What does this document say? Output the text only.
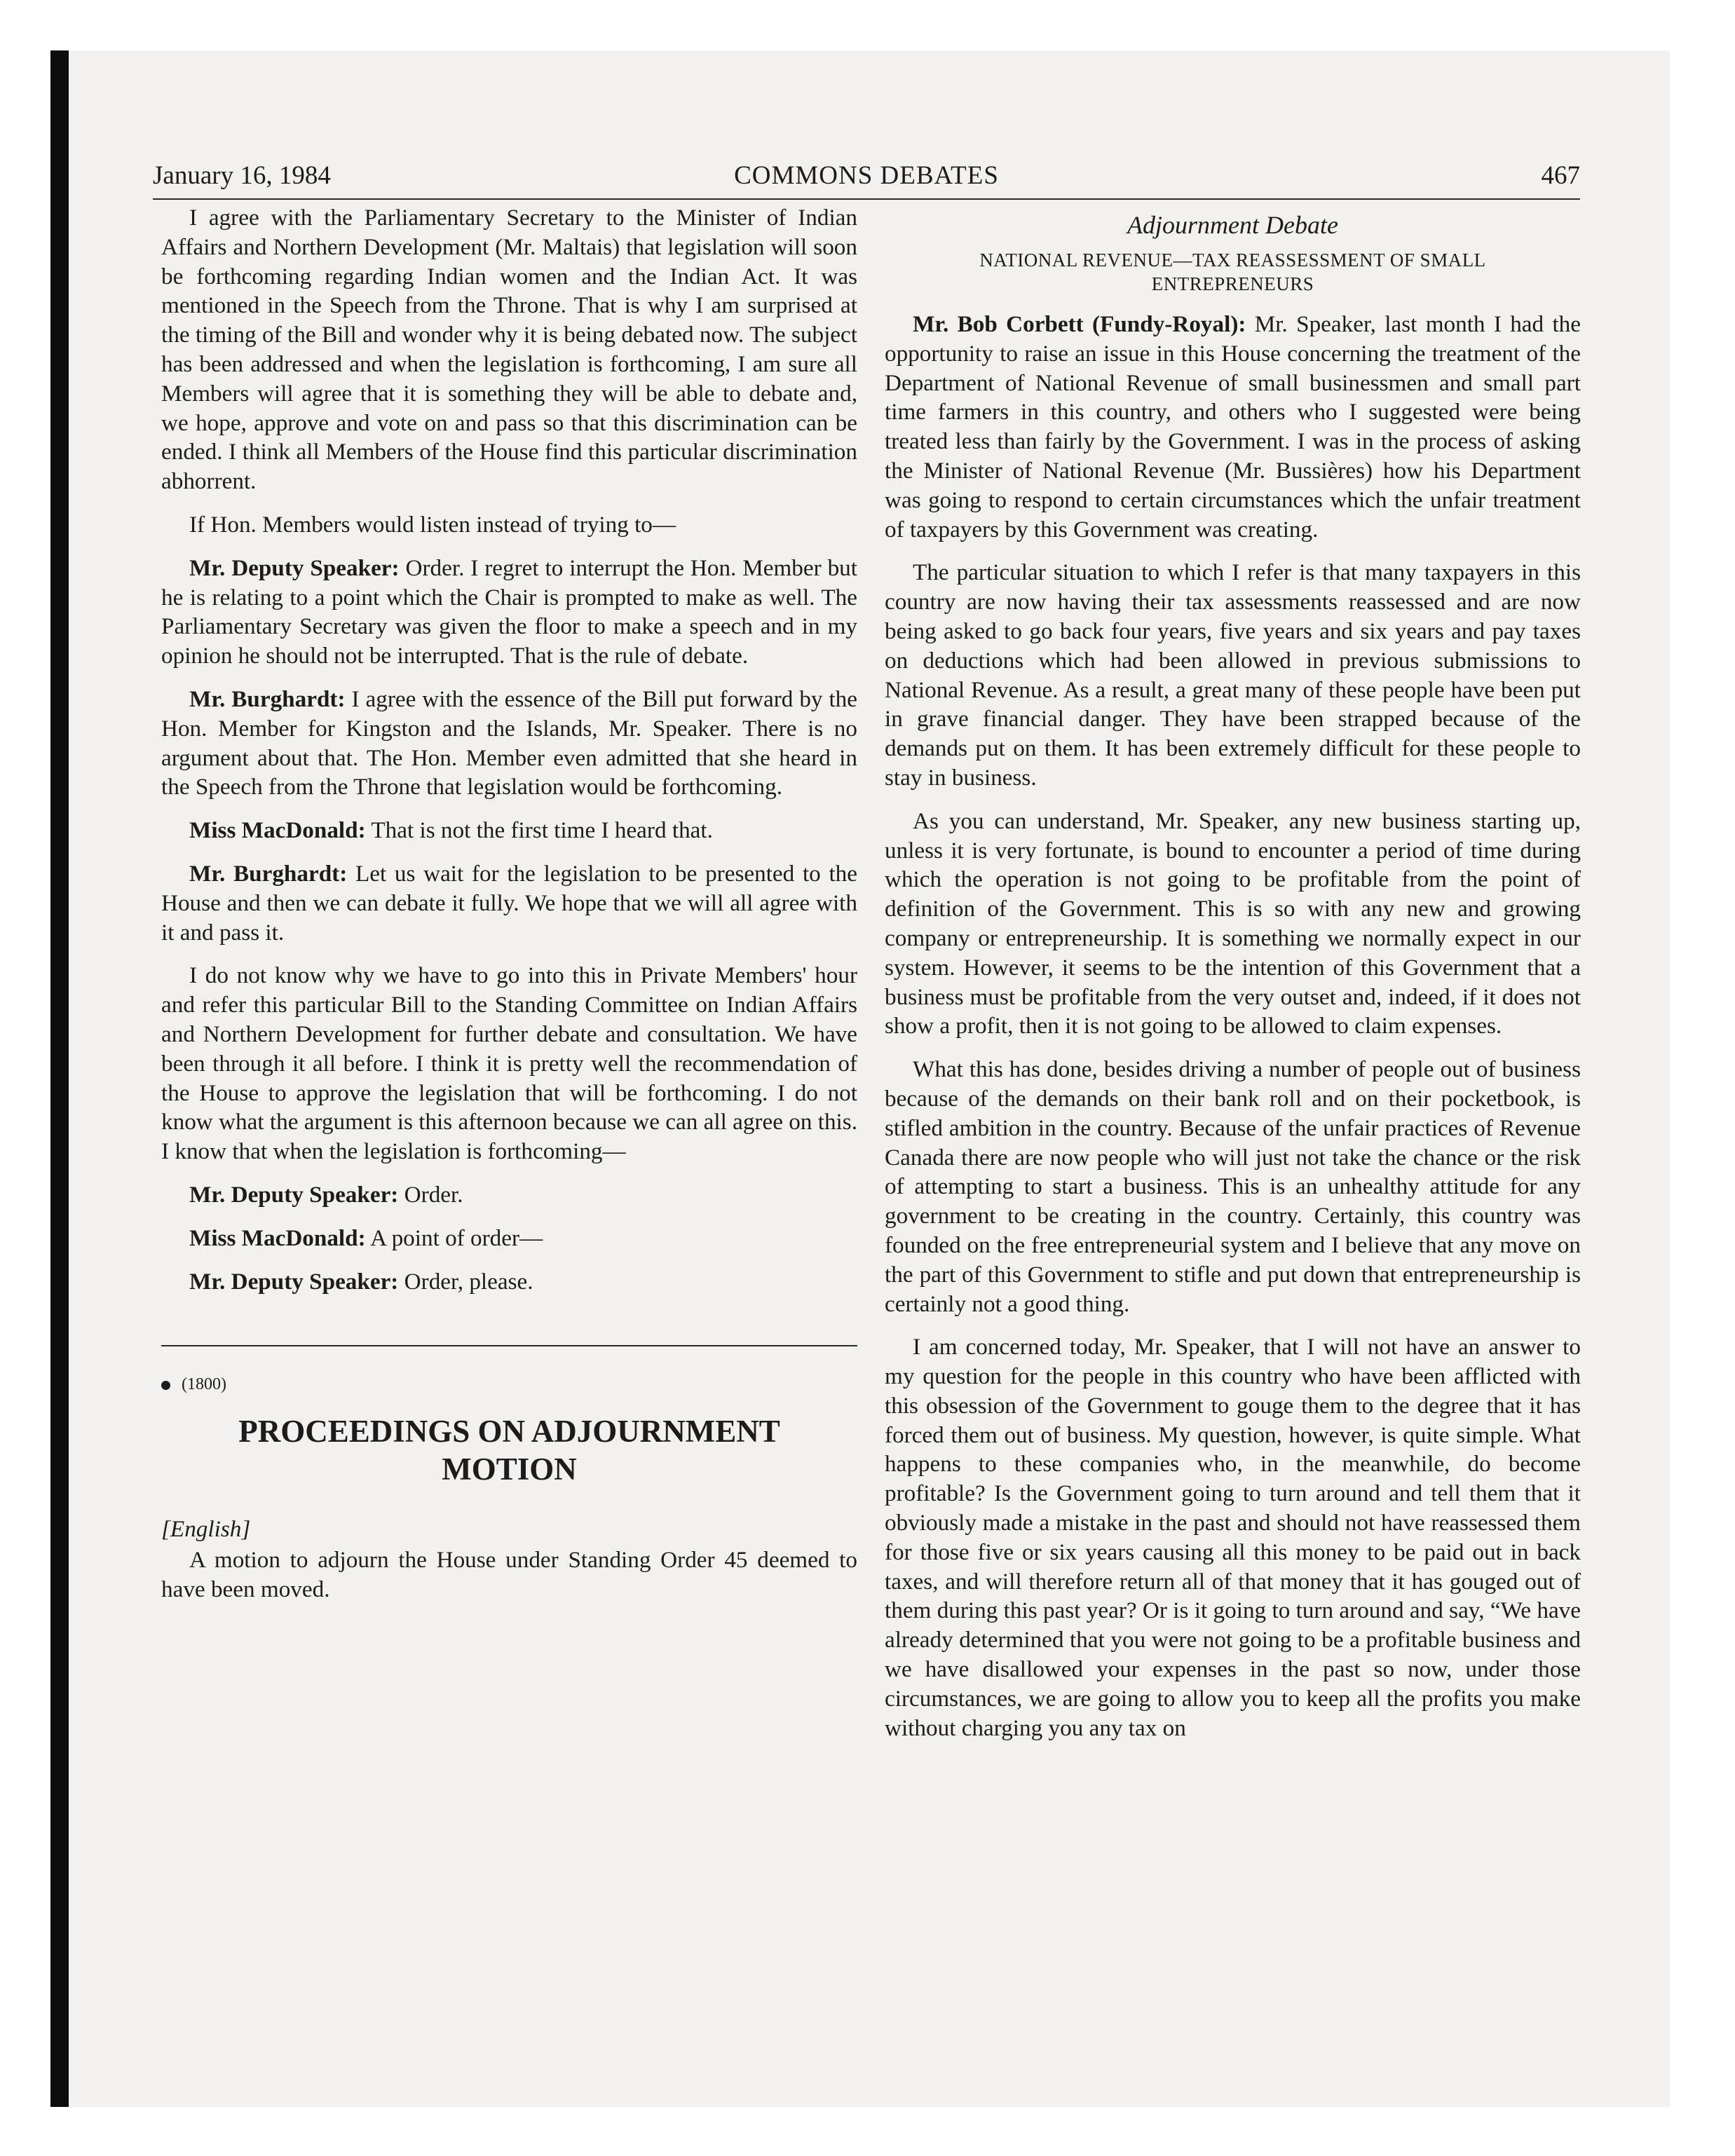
January 16, 1984	COMMONS DEBATES	467

I agree with the Parliamentary Secretary to the Minister of Indian Affairs and Northern Development (Mr. Maltais) that legislation will soon be forthcoming regarding Indian women and the Indian Act. It was mentioned in the Speech from the Throne. That is why I am surprised at the timing of the Bill and wonder why it is being debated now. The subject has been addressed and when the legislation is forthcoming, I am sure all Members will agree that it is something they will be able to debate and, we hope, approve and vote on and pass so that this discrimination can be ended. I think all Members of the House find this particular discrimination abhorrent.

If Hon. Members would listen instead of trying to—

Mr. Deputy Speaker: Order. I regret to interrupt the Hon. Member but he is relating to a point which the Chair is prompted to make as well. The Parliamentary Secretary was given the floor to make a speech and in my opinion he should not be interrupted. That is the rule of debate.

Mr. Burghardt: I agree with the essence of the Bill put forward by the Hon. Member for Kingston and the Islands, Mr. Speaker. There is no argument about that. The Hon. Member even admitted that she heard in the Speech from the Throne that legislation would be forthcoming.

Miss MacDonald: That is not the first time I heard that.

Mr. Burghardt: Let us wait for the legislation to be presented to the House and then we can debate it fully. We hope that we will all agree with it and pass it.

I do not know why we have to go into this in Private Members' hour and refer this particular Bill to the Standing Committee on Indian Affairs and Northern Development for further debate and consultation. We have been through it all before. I think it is pretty well the recommendation of the House to approve the legislation that will be forthcoming. I do not know what the argument is this afternoon because we can all agree on this. I know that when the legislation is forthcoming—

Mr. Deputy Speaker: Order.

Miss MacDonald: A point of order—

Mr. Deputy Speaker: Order, please.

(1800)
PROCEEDINGS ON ADJOURNMENT MOTION
[English]

A motion to adjourn the House under Standing Order 45 deemed to have been moved.

Adjournment Debate
NATIONAL REVENUE—TAX REASSESSMENT OF SMALL ENTREPRENEURS

Mr. Bob Corbett (Fundy-Royal): Mr. Speaker, last month I had the opportunity to raise an issue in this House concerning the treatment of the Department of National Revenue of small businessmen and small part time farmers in this country, and others who I suggested were being treated less than fairly by the Government. I was in the process of asking the Minister of National Revenue (Mr. Bussières) how his Department was going to respond to certain circumstances which the unfair treatment of taxpayers by this Government was creating.

The particular situation to which I refer is that many taxpayers in this country are now having their tax assessments reassessed and are now being asked to go back four years, five years and six years and pay taxes on deductions which had been allowed in previous submissions to National Revenue. As a result, a great many of these people have been put in grave financial danger. They have been strapped because of the demands put on them. It has been extremely difficult for these people to stay in business.

As you can understand, Mr. Speaker, any new business starting up, unless it is very fortunate, is bound to encounter a period of time during which the operation is not going to be profitable from the point of definition of the Government. This is so with any new and growing company or entrepreneurship. It is something we normally expect in our system. However, it seems to be the intention of this Government that a business must be profitable from the very outset and, indeed, if it does not show a profit, then it is not going to be allowed to claim expenses.

What this has done, besides driving a number of people out of business because of the demands on their bank roll and on their pocketbook, is stifled ambition in the country. Because of the unfair practices of Revenue Canada there are now people who will just not take the chance or the risk of attempting to start a business. This is an unhealthy attitude for any government to be creating in the country. Certainly, this country was founded on the free entrepreneurial system and I believe that any move on the part of this Government to stifle and put down that entrepreneurship is certainly not a good thing.

I am concerned today, Mr. Speaker, that I will not have an answer to my question for the people in this country who have been afflicted with this obsession of the Government to gouge them to the degree that it has forced them out of business. My question, however, is quite simple. What happens to these companies who, in the meanwhile, do become profitable? Is the Government going to turn around and tell them that it obviously made a mistake in the past and should not have reassessed them for those five or six years causing all this money to be paid out in back taxes, and will therefore return all of that money that it has gouged out of them during this past year? Or is it going to turn around and say, “We have already determined that you were not going to be a profitable business and we have disallowed your expenses in the past so now, under those circumstances, we are going to allow you to keep all the profits you make without charging you any tax on
